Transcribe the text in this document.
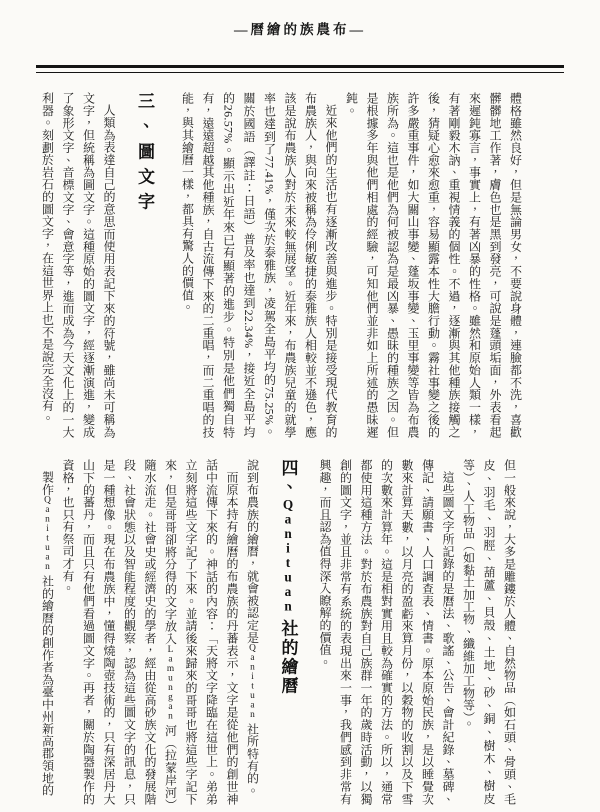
—曆繪的族農布—

體格雖然良好，但是無論男女，不要說身體，連臉都不洗，喜歡髒髒地工作著，膚色也是黑到發亮，可說是蓬頭垢面，外表看起來遲鈍寡言，事實上，有著凶暴的性格。雖然和原始人類一樣，有著剛毅木訥、重視情義的個性。不過，逐漸與其他種族接觸之後，猜疑心愈來愈重，容易顯露本性大膽行動。霧社事變之後的許多嚴重事件，如大關山事變、蓬坂事變、玉里事變等皆為布農族所為。這也是他們為何被認為是最凶暴、愚昧的種族之因。但是根據多年與他們相處的經驗，可知他們並非如上所述的愚昧遲鈍。

近來他們的生活也有逐漸改善與進步。特別是接受現代教育的布農族人，與向來被稱為伶俐敏捷的泰雅族人相較並不遜色，應該是說布農族人對於未來較無展望。近年來，布農族兒童的就學率也達到了77.41%，僅次於泰雅族，凌駕全島平均的75.25%。關於國語（譯註：日語）普及率也達到22.34%，接近全島平均的26.57%。顯示出近年來已有顯著的進步。特別是他們獨自特有，遠遠超越其他種族，自古流傳下來的二重唱，而二重唱的技能，與其繪曆一樣，都具有驚人的價值。

三、圖文字

人類為表達自己的意思而使用表記下來的符號，雖尚未可稱為文字，但統稱為圖文字。這種原始的圖文字，經逐漸演進，變成了象形文字、音標文字、會意字等，進而成為今天文化上的一大利器。刻劃於岩石的圖文字，在這世界上也不是說完全沒有。

但一般來說，大多是雕鏤於人體、自然物品（如石頭、骨頭、毛皮、羽毛、羽脛、葫蘆、貝殼、土地、砂、銅、樹木、樹皮等）、人工物品（如黏土加工物、纖維加工物等）。

這些圖文字所記錄的是曆法、歌謠、公告、會計紀錄、墓碑、傳記、請願書、人口調查表、情書。原本原始民族，是以睡覺次數來計算天數，以月亮的盈虧來算月份，以穀物的收割以及下雪的次數來計算年。這是相對實用且較為確實的方法。所以，通常都使用這種方法。對於布農族對自己族群一年的歲時活動，以獨創的圖文字，並且非常有系統的表現出來一事，我們感到非常有興趣，而且認為值得深入瞭解的價值。

四、Qanituan 社的繪曆

說到布農族的繪曆，就會被認定是Qanituan 社所特有的。

而原本持有繪曆的布農族的丹蕃表示，文字是從他們的創世神話中流傳下來的。神話的內容：「天將文字降臨在這世上。弟弟立刻將這些文字記了下來。並請後來歸來的哥哥也將這些字記下來，但是哥哥卻將分得的文字放入Lamungan 河（拉蒙岸河）隨水流走。社會史或經濟史的學者，經由從高砂族文化的發展階段、社會狀態以及智能程度的觀察，認為這些圖文字的訊息，只是一種想像。現在布農族中，懂得燒陶壺技術的，只有深居丹大山下的蕃丹，而且只有他們看過圖文字。再者，關於陶器製作的資格，也只有祭司才有。

製作Qanituan 社的繪曆的創作者為臺中州新高郡領地的
